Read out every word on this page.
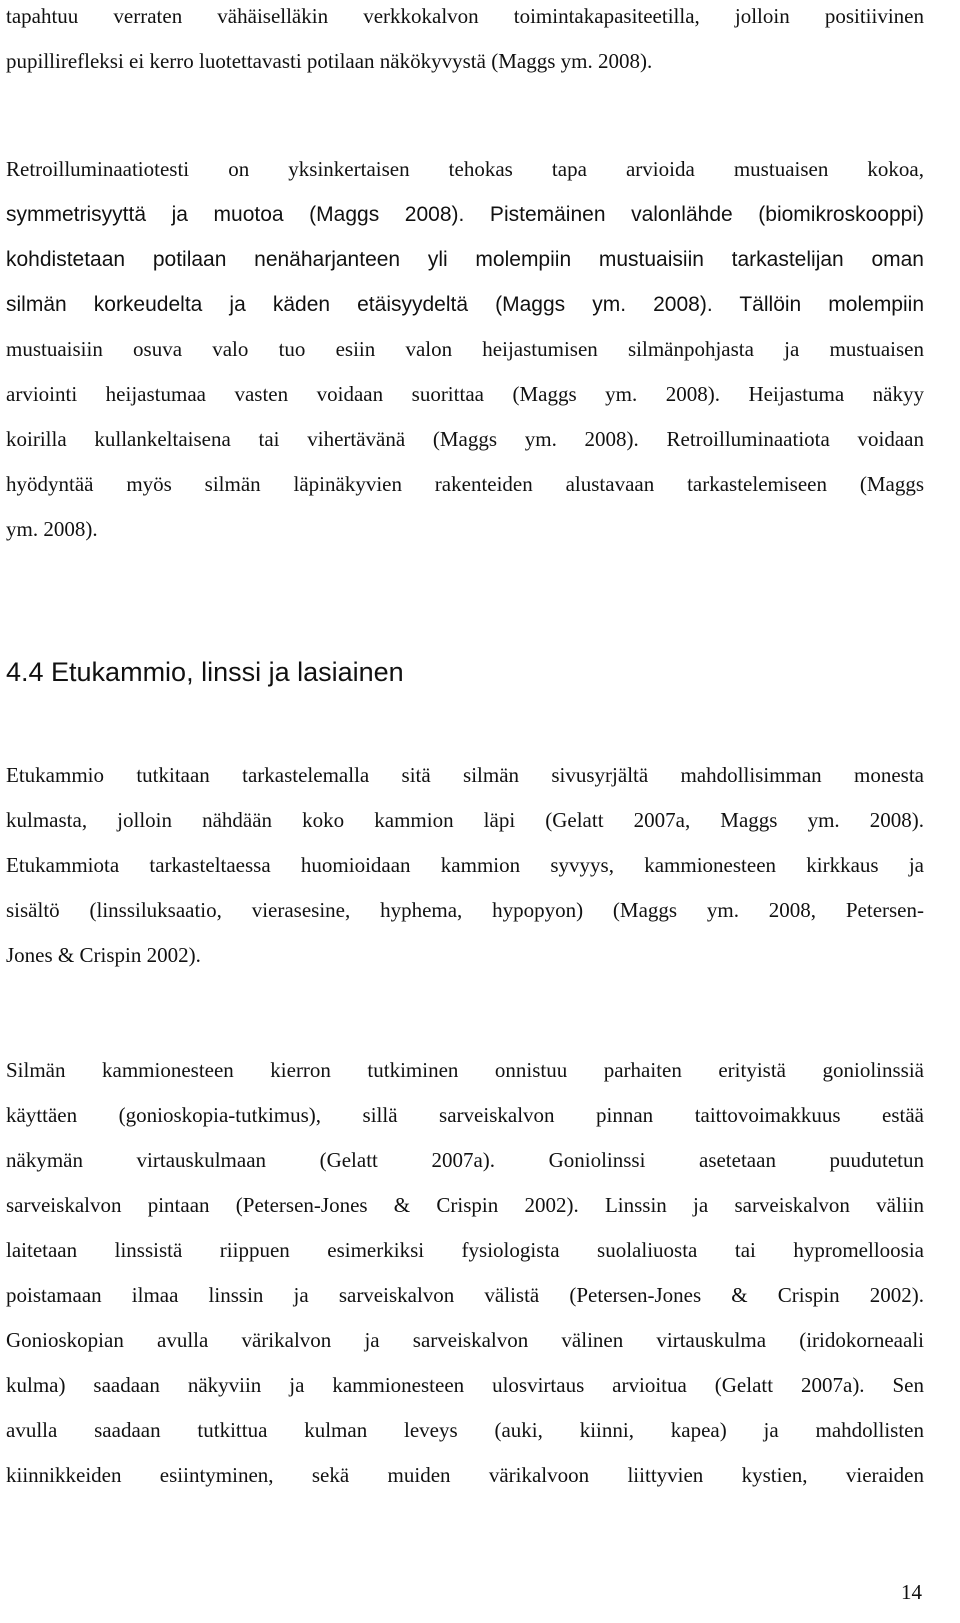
tapahtuu verraten vähäiselläkin verkkokalvon toimintakapasiteetilla, jolloin positiivinen
pupillirefleksi ei kerro luotettavasti potilaan näkökyvystä (Maggs ym. 2008).

Retroilluminaatiotesti on yksinkertaisen tehokas tapa arvioida mustuaisen kokoa,
symmetrisyyttä ja muotoa (Maggs 2008). Pistemäinen valonlähde (biomikroskooppi)
kohdistetaan potilaan nenäharjanteen yli molempiin mustuaisiin tarkastelijan oman
silmän korkeudelta ja käden etäisyydeltä (Maggs ym. 2008). Tällöin molempiin
mustuaisiin osuva valo tuo esiin valon heijastumisen silmänpohjasta ja mustuaisen
arviointi heijastumaa vasten voidaan suorittaa (Maggs ym. 2008). Heijastuma näkyy
koirilla kullankeltaisena tai vihertävänä (Maggs ym. 2008). Retroilluminaatiota voidaan
hyödyntää myös silmän läpinäkyvien rakenteiden alustavaan tarkastelemiseen (Maggs
ym. 2008).

4.4 Etukammio, linssi ja lasiainen

Etukammio tutkitaan tarkastelemalla sitä silmän sivusyrjältä mahdollisimman monesta
kulmasta, jolloin nähdään koko kammion läpi (Gelatt 2007a, Maggs ym. 2008).
Etukammiota tarkasteltaessa huomioidaan kammion syvyys, kammionesteen kirkkaus ja
sisältö (linssiluksaatio, vierasesine, hyphema, hypopyon) (Maggs ym. 2008, Petersen-
Jones & Crispin 2002).

Silmän kammionesteen kierron tutkiminen onnistuu parhaiten erityistä goniolinssiä
käyttäen (gonioskopia-tutkimus), sillä sarveiskalvon pinnan taittovoimakkuus estää
näkymän virtauskulmaan (Gelatt 2007a). Goniolinssi asetetaan puudutetun
sarveiskalvon pintaan (Petersen-Jones & Crispin 2002). Linssin ja sarveiskalvon väliin
laitetaan linssistä riippuen esimerkiksi fysiologista suolaliuosta tai hypromelloosia
poistamaan ilmaa linssin ja sarveiskalvon välistä (Petersen-Jones & Crispin 2002).
Gonioskopian avulla värikalvon ja sarveiskalvon välinen virtauskulma (iridokorneaali
kulma) saadaan näkyviin ja kammionesteen ulosvirtaus arvioitua (Gelatt 2007a). Sen
avulla saadaan tutkittua kulman leveys (auki, kiinni, kapea) ja mahdollisten
kiinnikkeiden esiintyminen, sekä muiden värikalvoon liittyvien kystien, vieraiden

14
